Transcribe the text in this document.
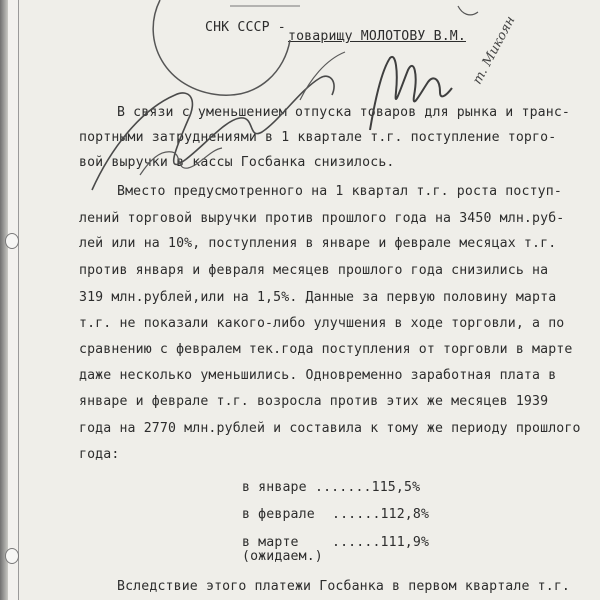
СНК СССР -
товарищу МОЛОТОВУ В.М.
В связи с уменьшением отпуска товаров для рынка и транс-
портными затруднениями в 1 квартале т.г. поступление торго-
вой выручки в кассы Госбанка снизилось.
Вместо предусмотренного на 1 квартал т.г. роста поступ-
лений торговой выручки против прошлого года на 3450 млн.руб-
лей или на 10%, поступления в январе и феврале месяцах т.г.
против января и февраля месяцев прошлого года снизились на
319 млн.рублей,или на 1,5%. Данные за первую половину марта
т.г. не показали какого-либо улучшения в ходе торговли, а по
сравнению с февралем тек.года поступления от торговли в марте
даже несколько уменьшились. Одновременно заработная плата в
январе и феврале т.г. возросла против этих же месяцев 1939
года на 2770 млн.рублей и составила к тому же периоду прошлого
года:
в январе .......115,5%
в феврале ......112,8%
в марте	......111,9%
(ожидаем.)
Вследствие этого платежи Госбанка в первом квартале т.г.
т. Микоян
